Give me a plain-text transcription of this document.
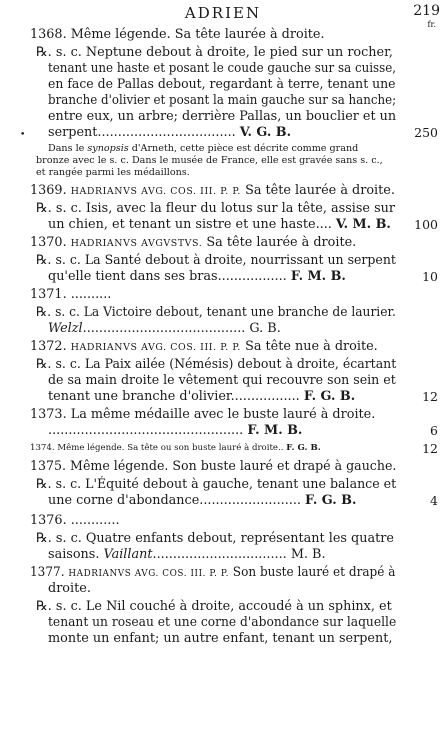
ADRIEN	219
fr.
•
1368. Même légende. Sa tête laurée à droite.
℞. s. c. Neptune debout à droite, le pied sur un rocher,
tenant une haste et posant le coude gauche sur sa cuisse,
en face de Pallas debout, regardant à terre, tenant une
branche d'olivier et posant la main gauche sur sa hanche;
entre eux, un arbre; derrière Pallas, un bouclier et un
serpent.................................. V. G. B.	250
Dans le synopsis d'Arneth, cette pièce est décrite comme grand
bronze avec le s. c. Dans le musée de France, elle est gravée sans s. c.,
et rangée parmi les médaillons.
1369. HADRIANVS AVG. COS. III. P. P. Sa tête laurée à droite.
℞. s. c. Isis, avec la fleur du lotus sur la tête, assise sur
un chien, et tenant un sistre et une haste.... V. M. B.	100
1370. HADRIANVS AVGVSTVS. Sa tête laurée à droite.
℞. s. c. La Santé debout à droite, nourrissant un serpent
qu'elle tient dans ses bras................. F. M. B.	10
1371. ..........
℞. s. c. La Victoire debout, tenant une branche de laurier.
Welzl........................................ G. B.
1372. HADRIANVS AVG. COS. III. P. P. Sa tête nue à droite.
℞. s. c. La Paix ailée (Némésis) debout à droite, écartant
de sa main droite le vêtement qui recouvre son sein et
tenant une branche d'olivier................. F. G. B.	12
1373. La même médaille avec le buste lauré à droite.
................................................ F. M. B.	6
1374. Même légende. Sa tête ou son buste lauré à droite.. F. G. B.	12
1375. Même légende. Son buste lauré et drapé à gauche.
℞. s. c. L'Équité debout à gauche, tenant une balance et
une corne d'abondance......................... F. G. B.	4
1376. ............
℞. s. c. Quatre enfants debout, représentant les quatre
saisons. Vaillant................................. M. B.
1377. HADRIANVS AVG. COS. III. P. P. Son buste lauré et drapé à
droite.
℞. s. c. Le Nil couché à droite, accoudé à un sphinx, et
tenant un roseau et une corne d'abondance sur laquelle
monte un enfant; un autre enfant, tenant un serpent,
